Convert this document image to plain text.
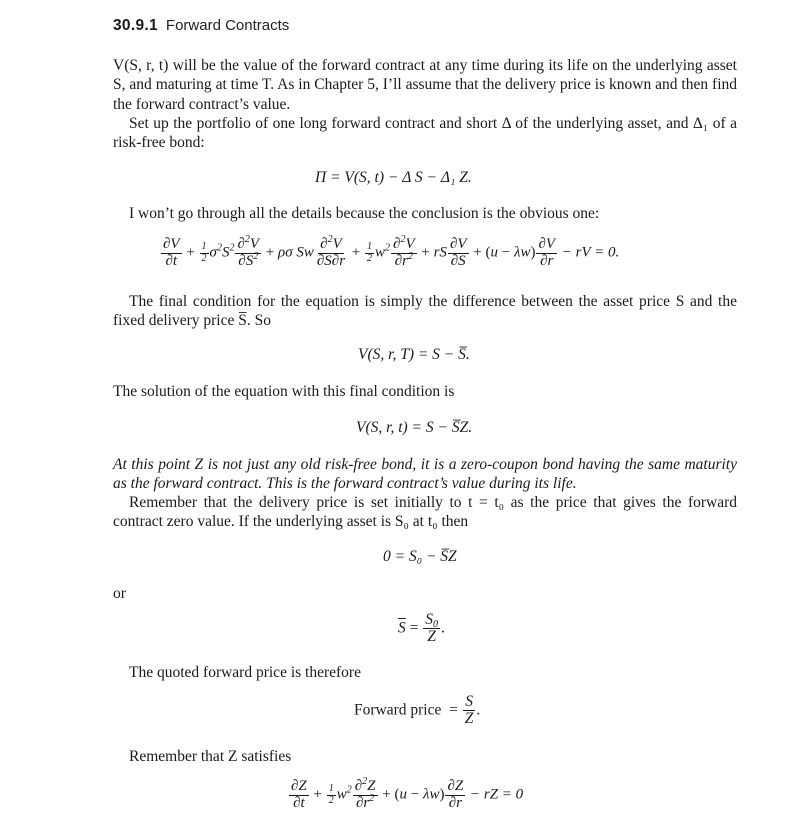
30.9.1 Forward Contracts
V(S, r, t) will be the value of the forward contract at any time during its life on the underlying asset S, and maturing at time T. As in Chapter 5, I’ll assume that the delivery price is known and then find the forward contract’s value.
Set up the portfolio of one long forward contract and short Δ of the underlying asset, and Δ₁ of a risk-free bond:
Π = V(S, t) − Δ S − Δ₁ Z.
I won’t go through all the details because the conclusion is the obvious one:
$\frac{\partial V}{\partial t} + \frac{1}{2} \sigma^2S^2 \frac{\partial^2V}{\partial S^2} + \rho\sigma$ Sw $\frac{\partial^2V}{\partial S\partial r} + \frac{1}{2} w^2 \frac{\partial^2V}{\partial r^2}$ + rS $\frac{\partial V}{\partial S} + (u - \lambda w) \frac{\partial V}{\partial r}$ − rV = 0.
The final condition for the equation is simply the difference between the asset price S and the fixed delivery price S̅. So
V(S, r, T) = S − S̅.
The solution of the equation with this final condition is
V(S, r, t) = S − S̅Z.
At this point Z is not just any old risk-free bond, it is a zero-coupon bond having the same maturity as the forward contract. This is the forward contract’s value during its life.
Remember that the delivery price is set initially to t = t₀ as the price that gives the forward contract zero value. If the underlying asset is S₀ at t₀ then
0 = S₀ − S̅Z
or
$\overline{S} = \frac{S_0}{Z}$ .
The quoted forward price is therefore
Forward price  = $\frac{S}{Z}$ .
Remember that Z satisfies
$\frac{\partial Z}{\partial t} + \frac{1}{2} w^2 \frac{\partial^2Z}{\partial r^2} + (u - \lambda w) \frac{\partial Z}{\partial r}$ − rZ = 0
